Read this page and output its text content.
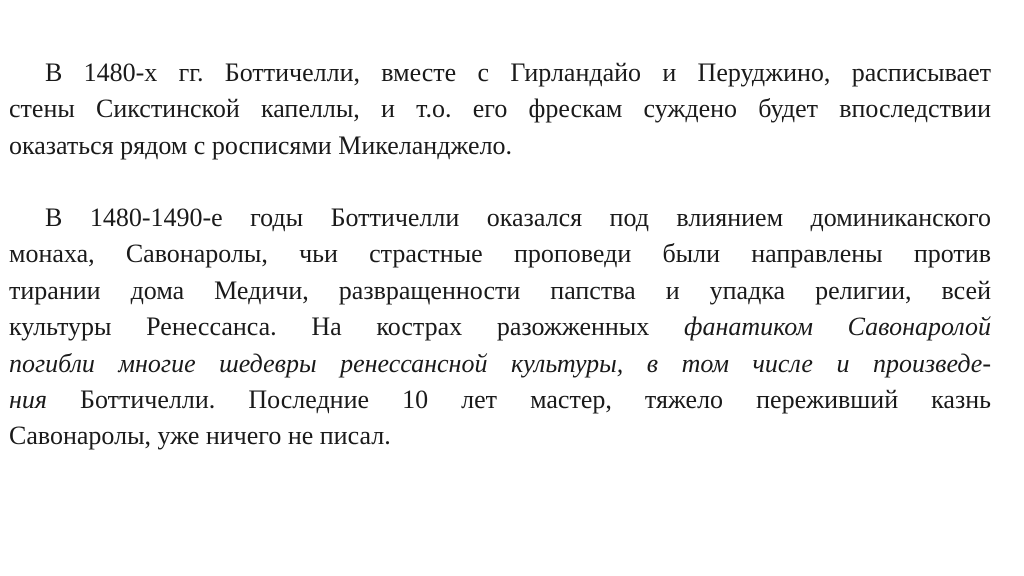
В 1480-х гг. Боттичелли, вместе с Гирландайо и Перуджино, расписывает
стены Сикстинской капеллы, и т.о. его фрескам суждено будет впоследствии
оказаться рядом с росписями Микеланджело.
В 1480-1490-е годы Боттичелли оказался под влиянием доминиканского
монаха, Савонаролы, чьи страстные проповеди были направлены против
тирании дома Медичи, развращенности папства и упадка религии, всей
культуры Ренессанса. На кострах разожженных фанатиком Савонаролой
погибли многие шедевры ренессансной культуры, в том числе и произведе-
ния Боттичелли. Последние 10 лет мастер, тяжело переживший казнь
Савонаролы, уже ничего не писал.
